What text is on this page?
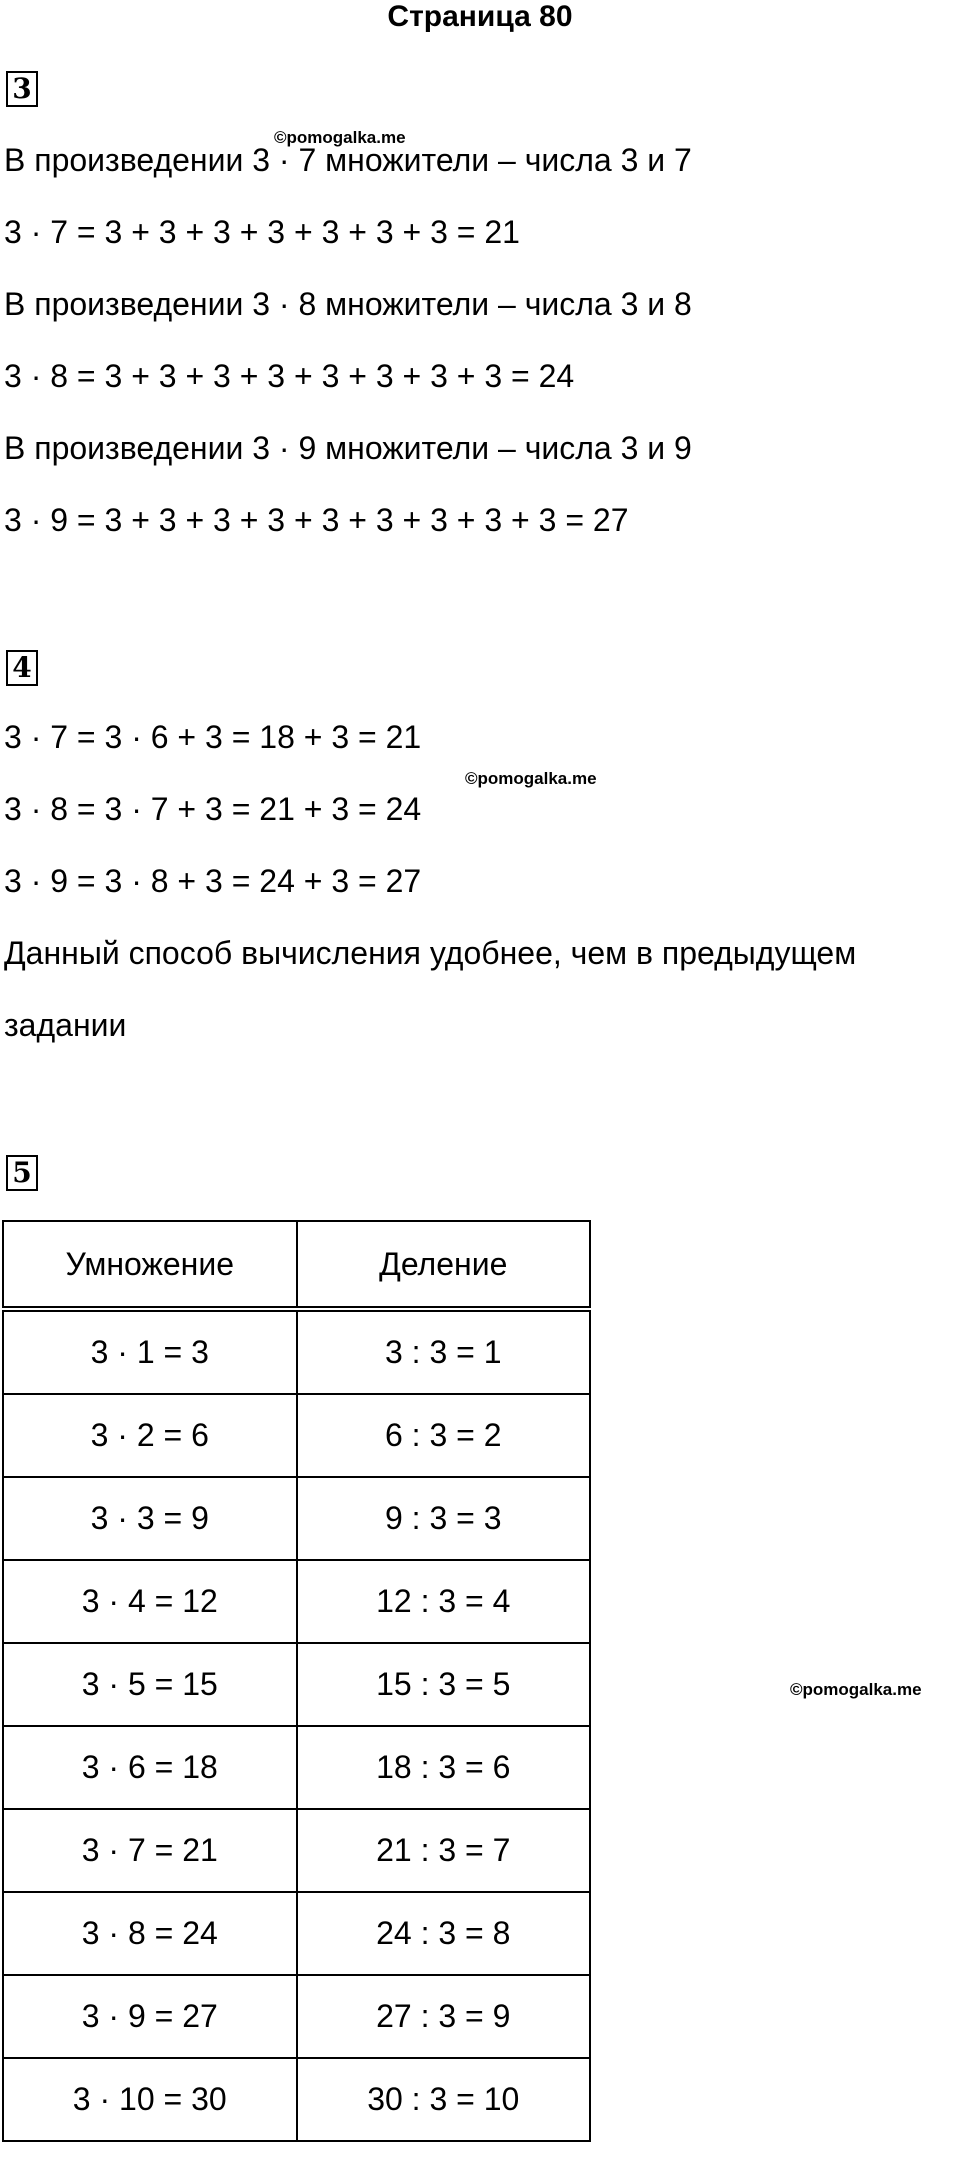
Страница 80
3
©pomogalka.me
В произведении 3 · 7 множители – числа 3 и 7
3 · 7 = 3 + 3 + 3 + 3 + 3 + 3 + 3 = 21
В произведении 3 · 8 множители – числа 3 и 8
3 · 8 = 3 + 3 + 3 + 3 + 3 + 3 + 3 + 3 = 24
В произведении 3 · 9 множители – числа 3 и 9
3 · 9 = 3 + 3 + 3 + 3 + 3 + 3 + 3 + 3 + 3 = 27
4
3 · 7 = 3 · 6 + 3 = 18 + 3 = 21
©pomogalka.me
3 · 8 = 3 · 7 + 3 = 21 + 3 = 24
3 · 9 = 3 · 8 + 3 = 24 + 3 = 27
Данный способ вычисления удобнее, чем в предыдущем
задании
5
Умножение	Деление
3 · 1 = 3	3 : 3 = 1
3 · 2 = 6	6 : 3 = 2
3 · 3 = 9	9 : 3 = 3
3 · 4 = 12	12 : 3 = 4
3 · 5 = 15	15 : 3 = 5
3 · 6 = 18	18 : 3 = 6
3 · 7 = 21	21 : 3 = 7
3 · 8 = 24	24 : 3 = 8
3 · 9 = 27	27 : 3 = 9
3 · 10 = 30	30 : 3 = 10
©pomogalka.me
